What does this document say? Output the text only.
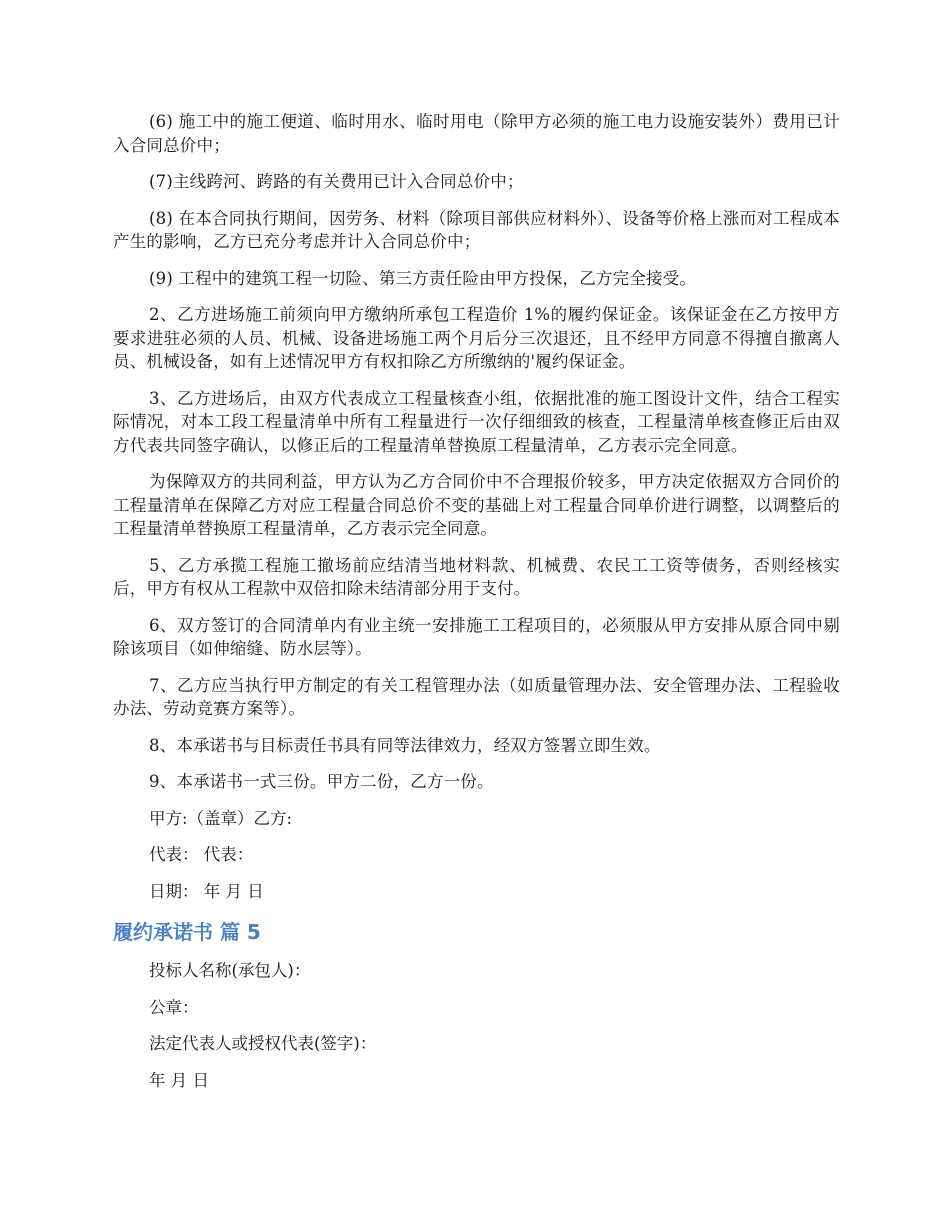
(6) 施工中的施工便道、临时用水、临时用电（除甲方必须的施工电力设施安装外）费用已计入合同总价中；

(7)主线跨河、跨路的有关费用已计入合同总价中；

(8) 在本合同执行期间，因劳务、材料（除项目部供应材料外）、设备等价格上涨而对工程成本产生的影响，乙方已充分考虑并计入合同总价中；

(9) 工程中的建筑工程一切险、第三方责任险由甲方投保，乙方完全接受。

2、乙方进场施工前须向甲方缴纳所承包工程造价 1%的履约保证金。该保证金在乙方按甲方要求进驻必须的人员、机械、设备进场施工两个月后分三次退还，且不经甲方同意不得擅自撤离人员、机械设备，如有上述情况甲方有权扣除乙方所缴纳的'履约保证金。

3、乙方进场后，由双方代表成立工程量核查小组，依据批准的施工图设计文件，结合工程实际情况，对本工段工程量清单中所有工程量进行一次仔细细致的核查，工程量清单核查修正后由双方代表共同签字确认，以修正后的工程量清单替换原工程量清单，乙方表示完全同意。

为保障双方的共同利益，甲方认为乙方合同价中不合理报价较多，甲方决定依据双方合同价的工程量清单在保障乙方对应工程量合同总价不变的基础上对工程量合同单价进行调整，以调整后的工程量清单替换原工程量清单，乙方表示完全同意。

5、乙方承揽工程施工撤场前应结清当地材料款、机械费、农民工工资等债务，否则经核实后，甲方有权从工程款中双倍扣除未结清部分用于支付。

6、双方签订的合同清单内有业主统一安排施工工程项目的，必须服从甲方安排从原合同中剔除该项目（如伸缩缝、防水层等）。

7、乙方应当执行甲方制定的有关工程管理办法（如质量管理办法、安全管理办法、工程验收办法、劳动竞赛方案等）。

8、本承诺书与目标责任书具有同等法律效力，经双方签署立即生效。

9、本承诺书一式三份。甲方二份，乙方一份。

甲方:（盖章）乙方:

代表： 代表：

日期： 年 月 日

履约承诺书 篇 5

投标人名称(承包人)：

公章：

法定代表人或授权代表(签字)：

年 月 日
